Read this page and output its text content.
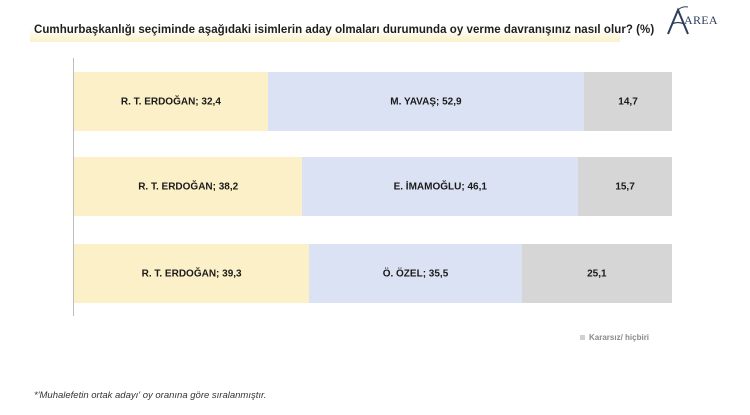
Cumhurbaşkanlığı seçiminde aşağıdaki isimlerin aday olmaları durumunda oy verme davranışınız nasıl olur? (%)
AREA
R. T. ERDOĞAN; 32,4	M. YAVAŞ; 52,9	14,7
R. T. ERDOĞAN; 38,2	E. İMAMOĞLU; 46,1	15,7
R. T. ERDOĞAN; 39,3	Ö. ÖZEL; 35,5	25,1
Kararsız/ hiçbiri
*'Muhalefetin ortak adayı' oy oranına göre sıralanmıştır.
